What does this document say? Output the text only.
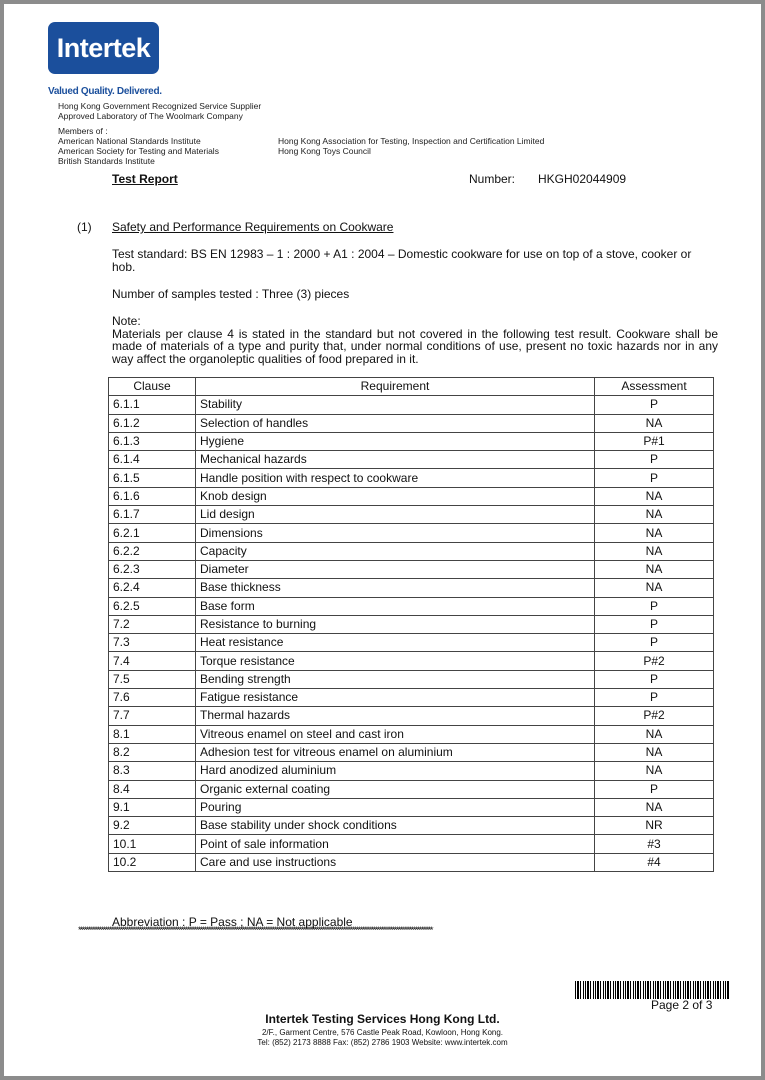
Intertek
Valued Quality. Delivered.
Hong Kong Government Recognized Service Supplier
Approved Laboratory of The Woolmark Company
Members of :
American National Standards Institute
American Society for Testing and Materials
British Standards Institute
Hong Kong Association for Testing, Inspection and Certification Limited
Hong Kong Toys Council
Test Report	Number: HKGH02044909
(1) Safety and Performance Requirements on Cookware
Test standard: BS EN 12983 – 1 : 2000 + A1 : 2004 – Domestic cookware for use on top of a stove, cooker or hob.
Number of samples tested : Three (3) pieces
Note:
Materials per clause 4 is stated in the standard but not covered in the following test result. Cookware shall be made of materials of a type and purity that, under normal conditions of use, present no toxic hazards nor in any way affect the organoleptic qualities of food prepared in it.
Clause	Requirement	Assessment
6.1.1	Stability	P
6.1.2	Selection of handles	NA
6.1.3	Hygiene	P#1
6.1.4	Mechanical hazards	P
6.1.5	Handle position with respect to cookware	P
6.1.6	Knob design	NA
6.1.7	Lid design	NA
6.2.1	Dimensions	NA
6.2.2	Capacity	NA
6.2.3	Diameter	NA
6.2.4	Base thickness	NA
6.2.5	Base form	P
7.2	Resistance to burning	P
7.3	Heat resistance	P
7.4	Torque resistance	P#2
7.5	Bending strength	P
7.6	Fatigue resistance	P
7.7	Thermal hazards	P#2
8.1	Vitreous enamel on steel and cast iron	NA
8.2	Adhesion test for vitreous enamel on aluminium	NA
8.3	Hard anodized aluminium	NA
8.4	Organic external coating	P
9.1	Pouring	NA
9.2	Base stability under shock conditions	NR
10.1	Point of sale information	#3
10.2	Care and use instructions	#4
Abbreviation : P = Pass ; NA = Not applicable
******************************************************************************************************************************************************************************************
Page 2 of 3
Intertek Testing Services Hong Kong Ltd.
2/F., Garment Centre, 576 Castle Peak Road, Kowloon, Hong Kong.
Tel: (852) 2173 8888 Fax: (852) 2786 1903 Website: www.intertek.com
